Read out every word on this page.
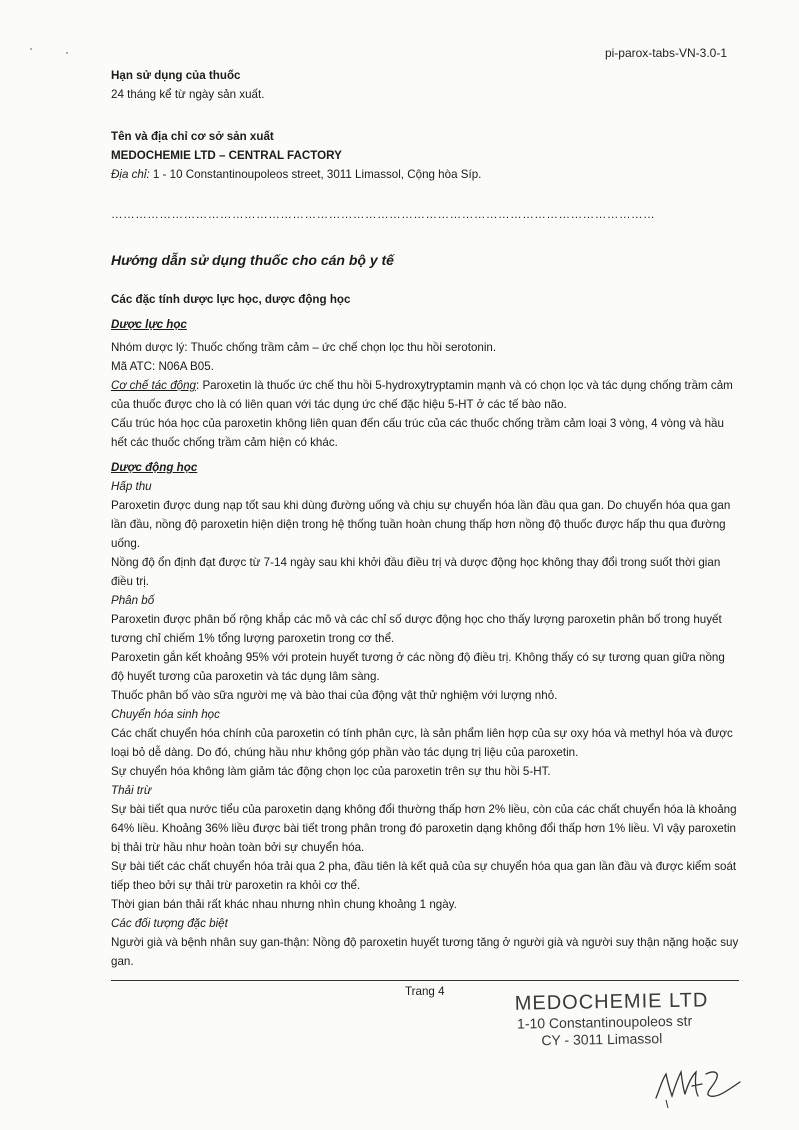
pi-parox-tabs-VN-3.0-1

Hạn sử dụng của thuốc

24 tháng kể từ ngày sản xuất.

Tên và địa chỉ cơ sở sản xuất

MEDOCHEMIE LTD – CENTRAL FACTORY

Địa chỉ: 1 - 10 Constantinoupoleos street, 3011 Limassol, Cộng hòa Síp.

………………………………………………………………………………………………………………………
Hướng dẫn sử dụng thuốc cho cán bộ y tế

Các đặc tính dược lực học, dược động học

Dược lực học

Nhóm dược lý: Thuốc chống trầm cảm – ức chế chọn lọc thu hồi serotonin.

Mã ATC: N06A B05.

Cơ chế tác động: Paroxetin là thuốc ức chế thu hồi 5-hydroxytryptamin mạnh và có chọn lọc và tác dụng chống trầm cảm của thuốc được cho là có liên quan với tác dụng ức chế đặc hiệu 5-HT ở các tế bào não.

Cấu trúc hóa học của paroxetin không liên quan đến cấu trúc của các thuốc chống trầm cảm loại 3 vòng, 4 vòng và hầu hết các thuốc chống trầm cảm hiện có khác.

Dược động học

Hấp thu

Paroxetin được dung nạp tốt sau khi dùng đường uống và chịu sự chuyển hóa lần đầu qua gan. Do chuyển hóa qua gan lần đầu, nồng độ paroxetin hiện diện trong hệ thống tuần hoàn chung thấp hơn nồng độ thuốc được hấp thu qua đường uống.

Nồng độ ổn định đạt được từ 7-14 ngày sau khi khởi đầu điều trị và dược động học không thay đổi trong suốt thời gian điều trị.

Phân bố

Paroxetin được phân bố rộng khắp các mô và các chỉ số dược động học cho thấy lượng paroxetin phân bố trong huyết tương chỉ chiếm 1% tổng lượng paroxetin trong cơ thể.

Paroxetin gắn kết khoảng 95% với protein huyết tương ở các nồng độ điều trị. Không thấy có sự tương quan giữa nồng độ huyết tương của paroxetin và tác dụng lâm sàng.

Thuốc phân bố vào sữa người mẹ và bào thai của động vật thử nghiệm với lượng nhỏ.

Chuyển hóa sinh học

Các chất chuyển hóa chính của paroxetin có tính phân cực, là sản phẩm liên hợp của sự oxy hóa và methyl hóa và được loại bỏ dễ dàng. Do đó, chúng hầu như không góp phần vào tác dụng trị liệu của paroxetin.

Sự chuyển hóa không làm giảm tác động chọn lọc của paroxetin trên sự thu hồi 5-HT.

Thải trừ

Sự bài tiết qua nước tiểu của paroxetin dạng không đổi thường thấp hơn 2% liều, còn của các chất chuyển hóa là khoảng 64% liều. Khoảng 36% liều được bài tiết trong phân trong đó paroxetin dạng không đổi thấp hơn 1% liều. Vì vậy paroxetin bị thải trừ hầu như hoàn toàn bởi sự chuyển hóa.

Sự bài tiết các chất chuyển hóa trải qua 2 pha, đầu tiên là kết quả của sự chuyển hóa qua gan lần đầu và được kiểm soát tiếp theo bởi sự thải trừ paroxetin ra khỏi cơ thể.

Thời gian bán thải rất khác nhau nhưng nhìn chung khoảng 1 ngày.

Các đối tượng đặc biệt

Người già và bệnh nhân suy gan-thận: Nồng độ paroxetin huyết tương tăng ở người già và người suy thận nặng hoặc suy gan.

Trang 4	MEDOCHEMIE LTD
1-10 Constantinoupoleos str
CY - 3011 Limassol
